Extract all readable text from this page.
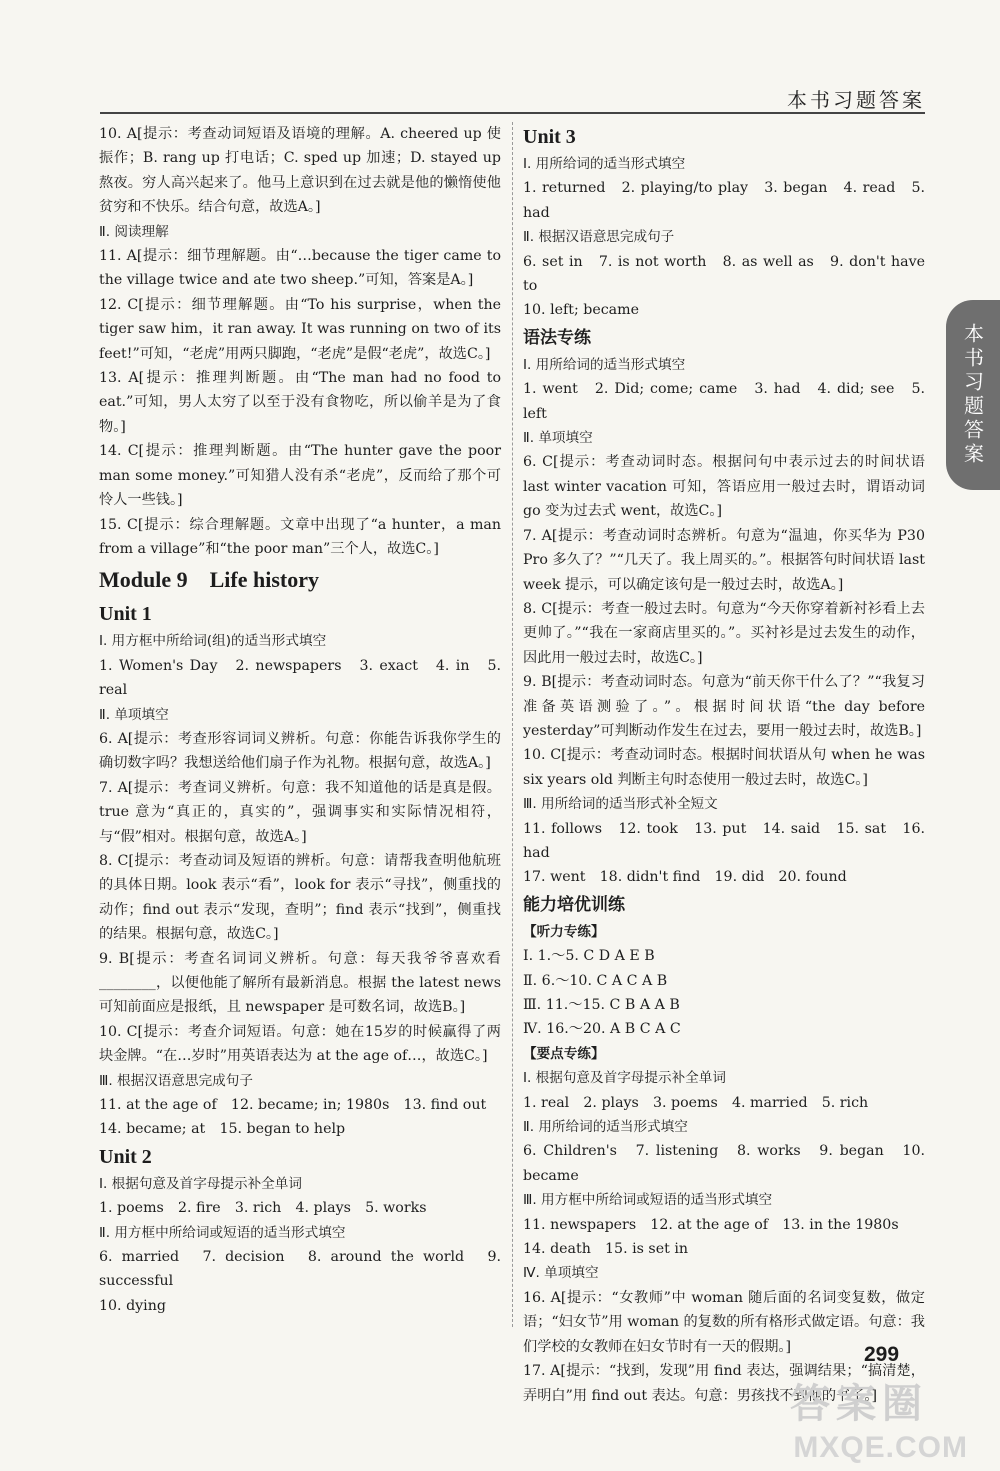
本书习题答案
本书习题答案

10. A[提示：考查动词短语及语境的理解。A. cheered up 使振作；B. rang up 打电话；C. sped up 加速；D. stayed up 熬夜。穷人高兴起来了。他马上意识到在过去就是他的懒惰使他贫穷和不快乐。结合句意，故选A。]

Ⅱ. 阅读理解

11. A[提示：细节理解题。由“…because the tiger came to the village twice and ate two sheep.”可知，答案是A。]

12. C[提示：细节理解题。由“To his surprise，when the tiger saw him，it ran away. It was running on two of its feet!”可知，“老虎”用两只脚跑，“老虎”是假“老虎”，故选C。]

13. A[提示：推理判断题。由“The man had no food to eat.”可知，男人太穷了以至于没有食物吃，所以偷羊是为了食物。]

14. C[提示：推理判断题。由“The hunter gave the poor man some money.”可知猎人没有杀“老虎”，反而给了那个可怜人一些钱。]

15. C[提示：综合理解题。文章中出现了“a hunter，a man from a village”和“the poor man”三个人，故选C。]

Module 9　Life history

Unit 1

Ⅰ. 用方框中所给词(组)的适当形式填空

1. Women's Day　2. newspapers　3. exact　4. in　5. real

Ⅱ. 单项填空

6. A[提示：考查形容词词义辨析。句意：你能告诉我你学生的确切数字吗？我想送给他们扇子作为礼物。根据句意，故选A。]

7. A[提示：考查词义辨析。句意：我不知道他的话是真是假。true 意为“真正的，真实的”，强调事实和实际情况相符，与“假”相对。根据句意，故选A。]

8. C[提示：考查动词及短语的辨析。句意：请帮我查明他航班的具体日期。look 表示“看”，look for 表示“寻找”，侧重找的动作；find out 表示“发现，查明”；find 表示“找到”，侧重找的结果。根据句意，故选C。]

9. B[提示：考查名词词义辨析。句意：每天我爷爷喜欢看________，以便他能了解所有最新消息。根据 the latest news 可知前面应是报纸，且 newspaper 是可数名词，故选B。]

10. C[提示：考查介词短语。句意：她在15岁的时候赢得了两块金牌。“在…岁时”用英语表达为 at the age of…，故选C。]

Ⅲ. 根据汉语意思完成句子

11. at the age of　12. became; in; 1980s　13. find out

14. became; at　15. began to help

Unit 2

Ⅰ. 根据句意及首字母提示补全单词

1. poems　2. fire　3. rich　4. plays　5. works

Ⅱ. 用方框中所给词或短语的适当形式填空

6. married　7. decision　8. around the world　9. successful

10. dying

Unit 3

Ⅰ. 用所给词的适当形式填空

1. returned　2. playing/to play　3. began　4. read　5. had

Ⅱ. 根据汉语意思完成句子

6. set in　7. is not worth　8. as well as　9. don't have to

10. left; became

语法专练

Ⅰ. 用所给词的适当形式填空

1. went　2. Did; come; came　3. had　4. did; see　5. left

Ⅱ. 单项填空

6. C[提示：考查动词时态。根据问句中表示过去的时间状语 last winter vacation 可知，答语应用一般过去时，谓语动词 go 变为过去式 went，故选C。]

7. A[提示：考查动词时态辨析。句意为“温迪，你买华为 P30 Pro 多久了？”“几天了。我上周买的。”。根据答句时间状语 last week 提示，可以确定该句是一般过去时，故选A。]

8. C[提示：考查一般过去时。句意为“今天你穿着新衬衫看上去更帅了。”“我在一家商店里买的。”。买衬衫是过去发生的动作，因此用一般过去时，故选C。]

9. B[提示：考查动词时态。句意为“前天你干什么了？”“我复习准备英语测验了。”。根据时间状语“the day before yesterday”可判断动作发生在过去，要用一般过去时，故选B。]

10. C[提示：考查动词时态。根据时间状语从句 when he was six years old 判断主句时态使用一般过去时，故选C。]

Ⅲ. 用所给词的适当形式补全短文

11. follows　12. took　13. put　14. said　15. sat　16. had

17. went　18. didn't find　19. did　20. found

能力培优训练

【听力专练】

Ⅰ. 1.～5. C D A E B

Ⅱ. 6.～10. C A C A B

Ⅲ. 11.～15. C B A A B

Ⅳ. 16.～20. A B C A C

【要点专练】

Ⅰ. 根据句意及首字母提示补全单词

1. real　2. plays　3. poems　4. married　5. rich

Ⅱ. 用所给词的适当形式填空

6. Children's　7. listening　8. works　9. began　10. became

Ⅲ. 用方框中所给词或短语的适当形式填空

11. newspapers　12. at the age of　13. in the 1980s

14. death　15. is set in

Ⅳ. 单项填空

16. A[提示：“女教师”中 woman 随后面的名词变复数，做定语；“妇女节”用 woman 的复数的所有格形式做定语。句意：我们学校的女教师在妇女节时有一天的假期。]

17. A[提示：“找到，发现”用 find 表达，强调结果；“搞清楚，弄明白”用 find out 表达。句意：男孩找不到他的书了。]

299
答案圈
MXQE.COM
